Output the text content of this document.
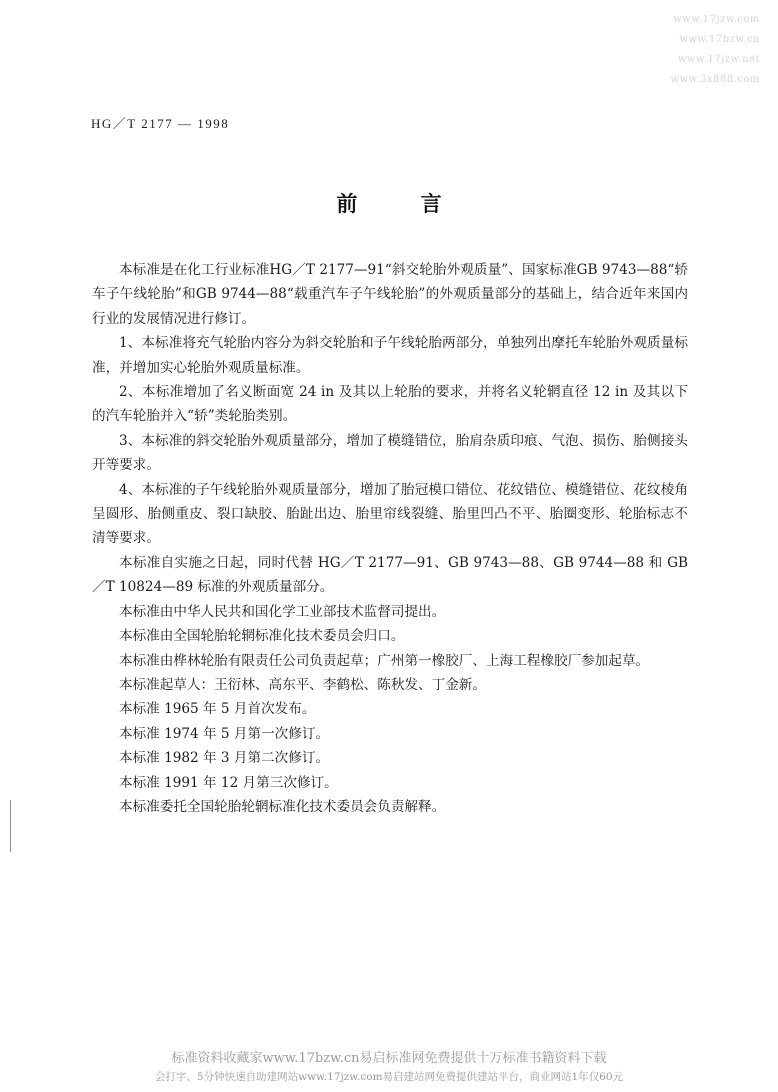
www.17jzw.com
www.17bzw.cn
www.17jzw.net
www.3x888.com
HG／T 2177 — 1998
前 言

本标准是在化工行业标准HG／T 2177—91“斜交轮胎外观质量”、国家标准GB 9743—88“轿车子午线轮胎”和GB 9744—88“载重汽车子午线轮胎”的外观质量部分的基础上，结合近年来国内行业的发展情况进行修订。

1、本标准将充气轮胎内容分为斜交轮胎和子午线轮胎两部分，单独列出摩托车轮胎外观质量标准，并增加实心轮胎外观质量标准。

2、本标准增加了名义断面宽 24 in 及其以上轮胎的要求，并将名义轮辋直径 12 in 及其以下的汽车轮胎并入“轿”类轮胎类别。

3、本标准的斜交轮胎外观质量部分，增加了模缝错位，胎肩杂质印痕、气泡、损伤、胎侧接头开等要求。

4、本标准的子午线轮胎外观质量部分，增加了胎冠模口错位、花纹错位、模缝错位、花纹棱角呈圆形、胎侧重皮、裂口缺胶、胎趾出边、胎里帘线裂缝、胎里凹凸不平、胎圈变形、轮胎标志不清等要求。

本标准自实施之日起，同时代替 HG／T 2177—91、GB 9743—88、GB 9744—88 和 GB／T 10824—89 标准的外观质量部分。

本标准由中华人民共和国化学工业部技术监督司提出。

本标准由全国轮胎轮辋标准化技术委员会归口。

本标准由桦林轮胎有限责任公司负责起草；广州第一橡胶厂、上海工程橡胶厂参加起草。

本标准起草人：王衍林、高东平、李鹤松、陈秋发、丁金新。

本标准 1965 年 5 月首次发布。

本标准 1974 年 5 月第一次修订。

本标准 1982 年 3 月第二次修订。

本标准 1991 年 12 月第三次修订。

本标准委托全国轮胎轮辋标准化技术委员会负责解释。

标准资料收藏家www.17bzw.cn易启标准网免费提供十万标准书籍资料下载
会打字、5分钟快速自助建网站www.17jzw.com易启建站网免费提供建站平台，商业网站1年仅60元
